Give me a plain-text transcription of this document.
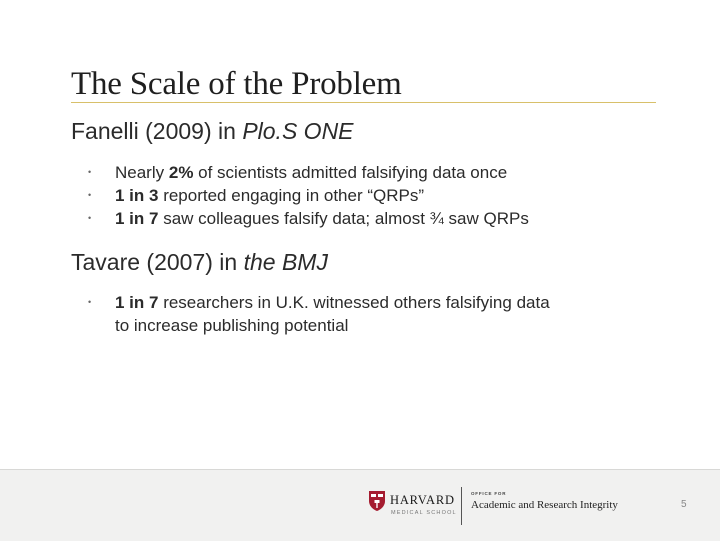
The Scale of the Problem
Fanelli (2009) in Plo.S ONE
• Nearly 2% of scientists admitted falsifying data once
• 1 in 3 reported engaging in other “QRPs”
• 1 in 7 saw colleagues falsify data; almost ¾ saw QRPs
Tavare (2007) in the BMJ
• 1 in 7 researchers in U.K. witnessed others falsifying data
to increase publishing potential
HARVARD
MEDICAL SCHOOL
OFFICE FOR
Academic and Research Integrity	5
